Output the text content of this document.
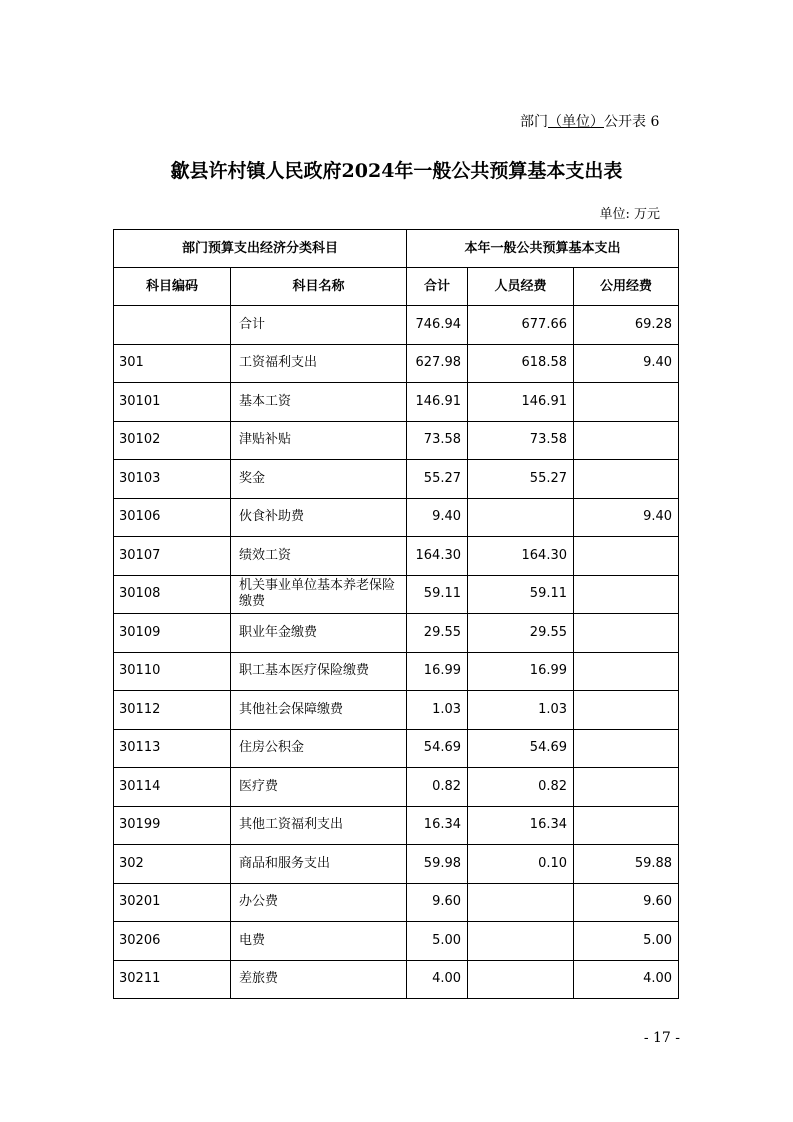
部门（单位）公开表 6
歙县许村镇人民政府2024年一般公共预算基本支出表
单位: 万元
部门预算支出经济分类科目		本年一般公共预算基本支出		
科目编码	科目名称	合计	人员经费	公用经费
	合计	746.94	677.66	69.28
301	工资福利支出	627.98	618.58	9.40
30101	基本工资	146.91	146.91	
30102	津贴补贴	73.58	73.58	
30103	奖金	55.27	55.27	
30106	伙食补助费	9.40		9.40
30107	绩效工资	164.30	164.30	
30108	机关事业单位基本养老保险缴费	59.11	59.11	
30109	职业年金缴费	29.55	29.55	
30110	职工基本医疗保险缴费	16.99	16.99	
30112	其他社会保障缴费	1.03	1.03	
30113	住房公积金	54.69	54.69	
30114	医疗费	0.82	0.82	
30199	其他工资福利支出	16.34	16.34	
302	商品和服务支出	59.98	0.10	59.88
30201	办公费	9.60		9.60
30206	电费	5.00		5.00
30211	差旅费	4.00		4.00
- 17 -
